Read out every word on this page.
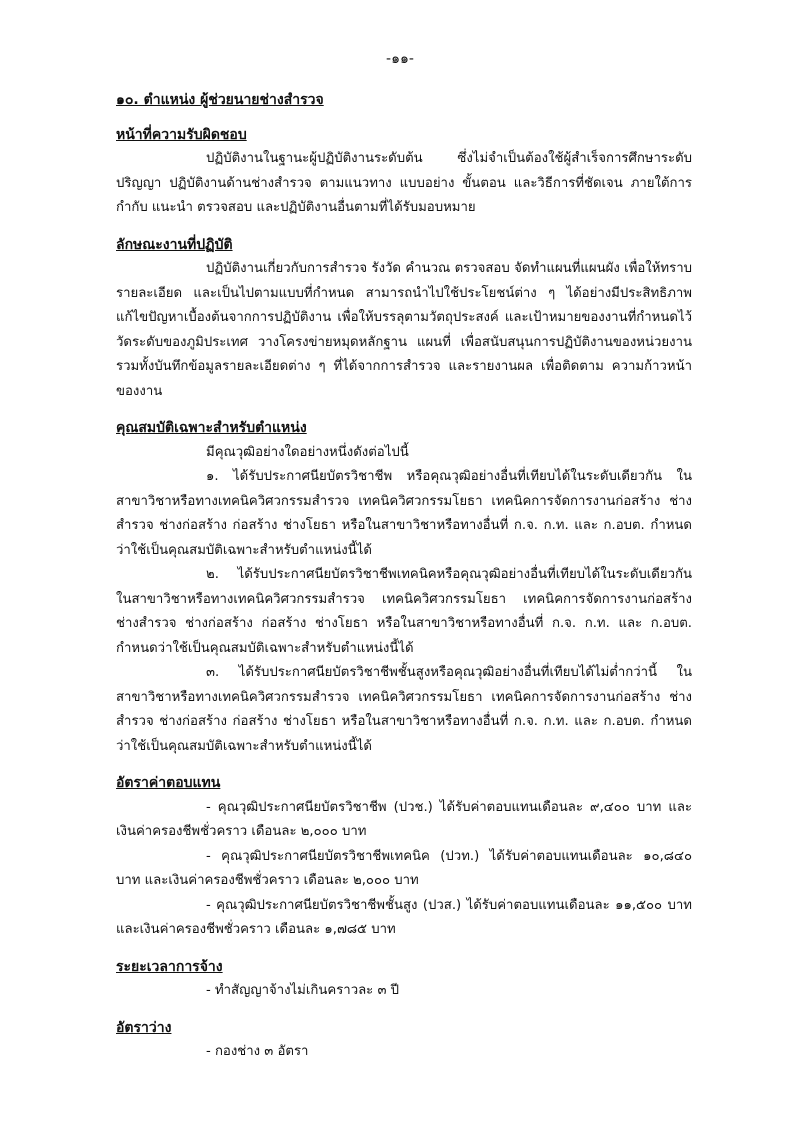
-๑๑-
๑๐. ตำแหน่ง ผู้ช่วยนายช่างสำรวจ
หน้าที่ความรับผิดชอบ

ปฏิบัติงานในฐานะผู้ปฏิบัติงานระดับต้น ซึ่งไม่จำเป็นต้องใช้ผู้สำเร็จการศึกษาระดับปริญญา ปฏิบัติงานด้านช่างสำรวจ ตามแนวทาง แบบอย่าง ขั้นตอน และวิธีการที่ชัดเจน ภายใต้การกำกับ แนะนำ ตรวจสอบ และปฏิบัติงานอื่นตามที่ได้รับมอบหมาย

ลักษณะงานที่ปฏิบัติ

ปฏิบัติงานเกี่ยวกับการสำรวจ รังวัด คำนวณ ตรวจสอบ จัดทำแผนที่แผนผัง เพื่อให้ทราบรายละเอียด และเป็นไปตามแบบที่กำหนด สามารถนำไปใช้ประโยชน์ต่าง ๆ ได้อย่างมีประสิทธิภาพ แก้ไขปัญหาเบื้องต้นจากการปฏิบัติงาน เพื่อให้บรรลุตามวัตถุประสงค์ และเป้าหมายของงานที่กำหนดไว้ วัดระดับของภูมิประเทศ วางโครงข่ายหมุดหลักฐาน แผนที่ เพื่อสนับสนุนการปฏิบัติงานของหน่วยงาน รวมทั้งบันทึกข้อมูลรายละเอียดต่าง ๆ ที่ได้จากการสำรวจ และรายงานผล เพื่อติดตาม ความก้าวหน้าของงาน

คุณสมบัติเฉพาะสำหรับตำแหน่ง

มีคุณวุฒิอย่างใดอย่างหนึ่งดังต่อไปนี้

๑. ได้รับประกาศนียบัตรวิชาชีพ หรือคุณวุฒิอย่างอื่นที่เทียบได้ในระดับเดียวกัน ในสาขาวิชาหรือทางเทคนิควิศวกรรมสำรวจ เทคนิควิศวกรรมโยธา เทคนิคการจัดการงานก่อสร้าง ช่างสำรวจ ช่างก่อสร้าง ก่อสร้าง ช่างโยธา หรือในสาขาวิชาหรือทางอื่นที่ ก.จ. ก.ท. และ ก.อบต. กำหนดว่าใช้เป็นคุณสมบัติเฉพาะสำหรับตำแหน่งนี้ได้

๒. ได้รับประกาศนียบัตรวิชาชีพเทคนิคหรือคุณวุฒิอย่างอื่นที่เทียบได้ในระดับเดียวกันในสาขาวิชาหรือทางเทคนิควิศวกรรมสำรวจ เทคนิควิศวกรรมโยธา เทคนิคการจัดการงานก่อสร้าง ช่างสำรวจ ช่างก่อสร้าง ก่อสร้าง ช่างโยธา หรือในสาขาวิชาหรือทางอื่นที่ ก.จ. ก.ท. และ ก.อบต. กำหนดว่าใช้เป็นคุณสมบัติเฉพาะสำหรับตำแหน่งนี้ได้

๓. ได้รับประกาศนียบัตรวิชาชีพชั้นสูงหรือคุณวุฒิอย่างอื่นที่เทียบได้ไม่ต่ำกว่านี้ ในสาขาวิชาหรือทางเทคนิควิศวกรรมสำรวจ เทคนิควิศวกรรมโยธา เทคนิคการจัดการงานก่อสร้าง ช่างสำรวจ ช่างก่อสร้าง ก่อสร้าง ช่างโยธา หรือในสาขาวิชาหรือทางอื่นที่ ก.จ. ก.ท. และ ก.อบต. กำหนดว่าใช้เป็นคุณสมบัติเฉพาะสำหรับตำแหน่งนี้ได้

อัตราค่าตอบแทน

- คุณวุฒิประกาศนียบัตรวิชาชีพ (ปวช.) ได้รับค่าตอบแทนเดือนละ ๙,๔๐๐ บาท และเงินค่าครองชีพชั่วคราว เดือนละ ๒,๐๐๐ บาท

- คุณวุฒิประกาศนียบัตรวิชาชีพเทคนิค (ปวท.) ได้รับค่าตอบแทนเดือนละ ๑๐,๘๔๐ บาท และเงินค่าครองชีพชั่วคราว เดือนละ ๒,๐๐๐ บาท

- คุณวุฒิประกาศนียบัตรวิชาชีพชั้นสูง (ปวส.) ได้รับค่าตอบแทนเดือนละ ๑๑,๕๐๐ บาท และเงินค่าครองชีพชั่วคราว เดือนละ ๑,๗๘๕ บาท

ระยะเวลาการจ้าง

- ทำสัญญาจ้างไม่เกินคราวละ ๓ ปี

อัตราว่าง

- กองช่าง ๓ อัตรา
